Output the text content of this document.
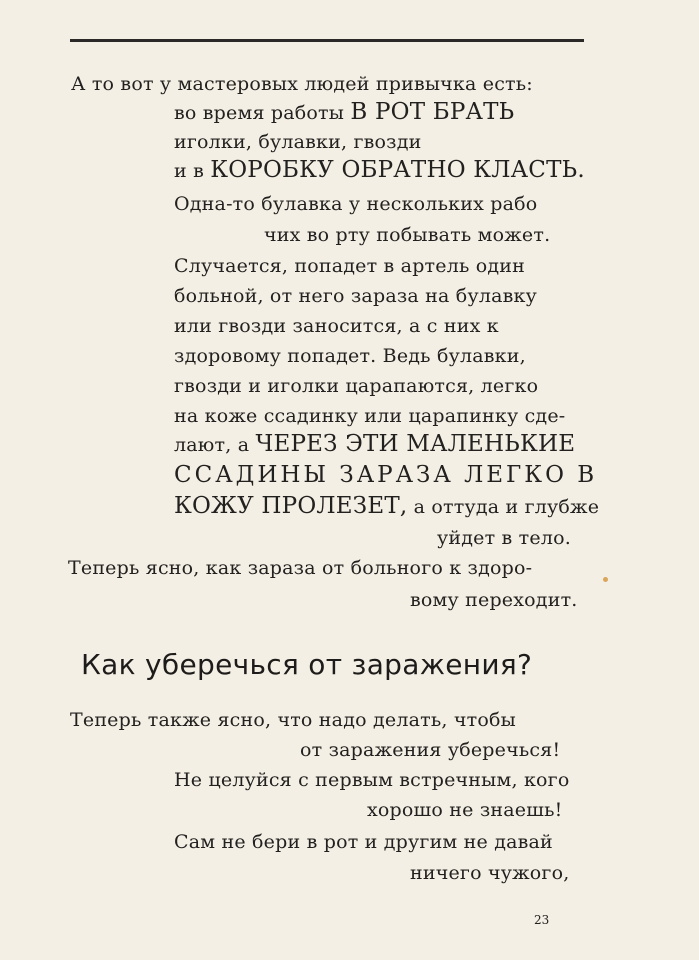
А то вот у мастеровых людей привычка есть:
во время работы В РОТ БРАТЬ
иголки, булавки, гвозди
и в КОРОБКУ ОБРАТНО КЛАСТЬ.
Одна-то булавка у нескольких рабо
чих во рту побывать может.
Случается, попадет в артель один
больной, от него зараза на булавку
или гвозди заносится, а с них к
здоровому попадет. Ведь булавки,
гвозди и иголки царапаются, легко
на коже ссадинку или царапинку сде-
лают, а ЧЕРЕЗ ЭТИ МАЛЕНЬКИЕ
ССАДИНЫ ЗАРАЗА ЛЕГКО В
КОЖУ ПРОЛЕЗЕТ, а оттуда и глубже
уйдет в тело.
Теперь ясно, как зараза от больного к здоро-
вому переходит.
Как уберечься от заражения?
Теперь также ясно, что надо делать, чтобы
от заражения уберечься!
Не целуйся с первым встречным, кого
хорошо не знаешь!
Сам не бери в рот и другим не давай
ничего чужого,
23
